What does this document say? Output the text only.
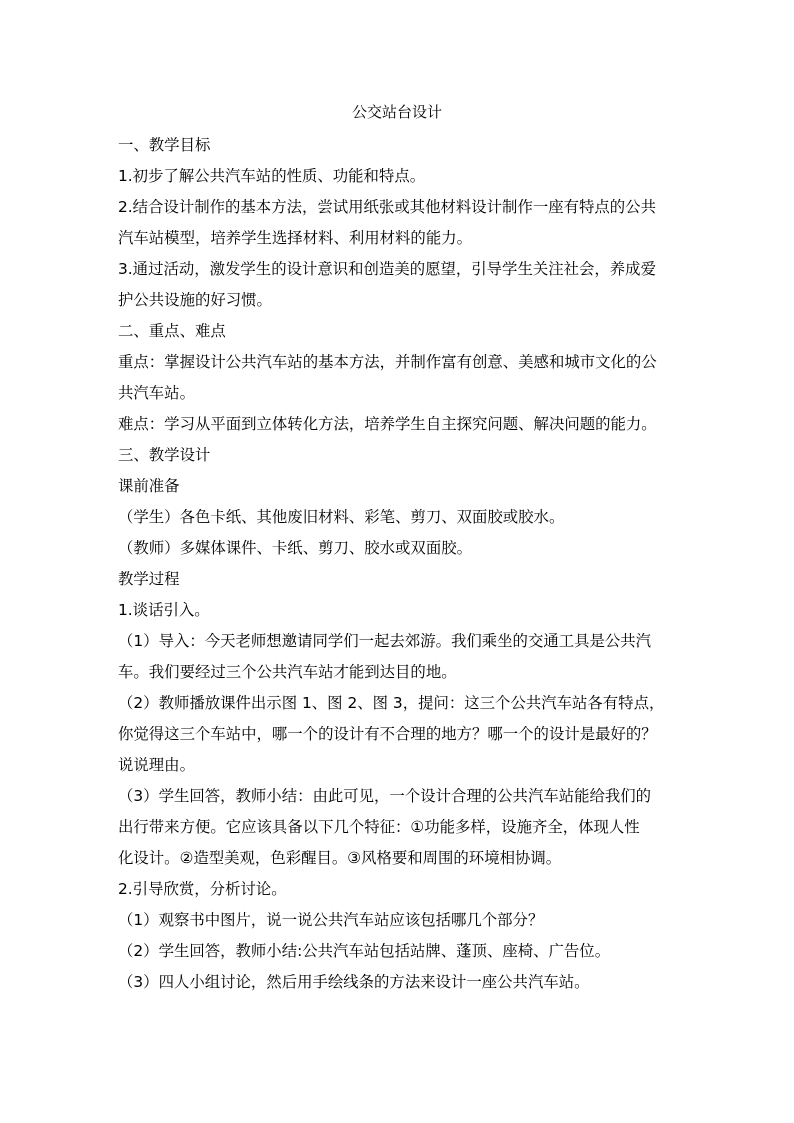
公交站台设计
一、教学目标
1.初步了解公共汽车站的性质、功能和特点。
2.结合设计制作的基本方法，尝试用纸张或其他材料设计制作一座有特点的公共
汽车站模型，培养学生选择材料、利用材料的能力。
3.通过活动，激发学生的设计意识和创造美的愿望，引导学生关注社会，养成爱
护公共设施的好习惯。
二、重点、难点
重点：掌握设计公共汽车站的基本方法，并制作富有创意、美感和城市文化的公
共汽车站。
难点：学习从平面到立体转化方法，培养学生自主探究问题、解决问题的能力。
三、教学设计
课前准备
（学生）各色卡纸、其他废旧材料、彩笔、剪刀、双面胶或胶水。
（教师）多媒体课件、卡纸、剪刀、胶水或双面胶。
教学过程
1.谈话引入。
（1）导入：今天老师想邀请同学们一起去郊游。我们乘坐的交通工具是公共汽
车。我们要经过三个公共汽车站才能到达目的地。
（2）教师播放课件出示图 1、图 2、图 3，提问：这三个公共汽车站各有特点，
你觉得这三个车站中，哪一个的设计有不合理的地方？哪一个的设计是最好的？
说说理由。
（3）学生回答，教师小结：由此可见，一个设计合理的公共汽车站能给我们的
出行带来方便。它应该具备以下几个特征：①功能多样，设施齐全，体现人性
化设计。②造型美观，色彩醒目。③风格要和周围的环境相协调。
2.引导欣赏，分析讨论。
（1）观察书中图片，说一说公共汽车站应该包括哪几个部分？
（2）学生回答，教师小结:公共汽车站包括站牌、蓬顶、座椅、广告位。
（3）四人小组讨论，然后用手绘线条的方法来设计一座公共汽车站。
